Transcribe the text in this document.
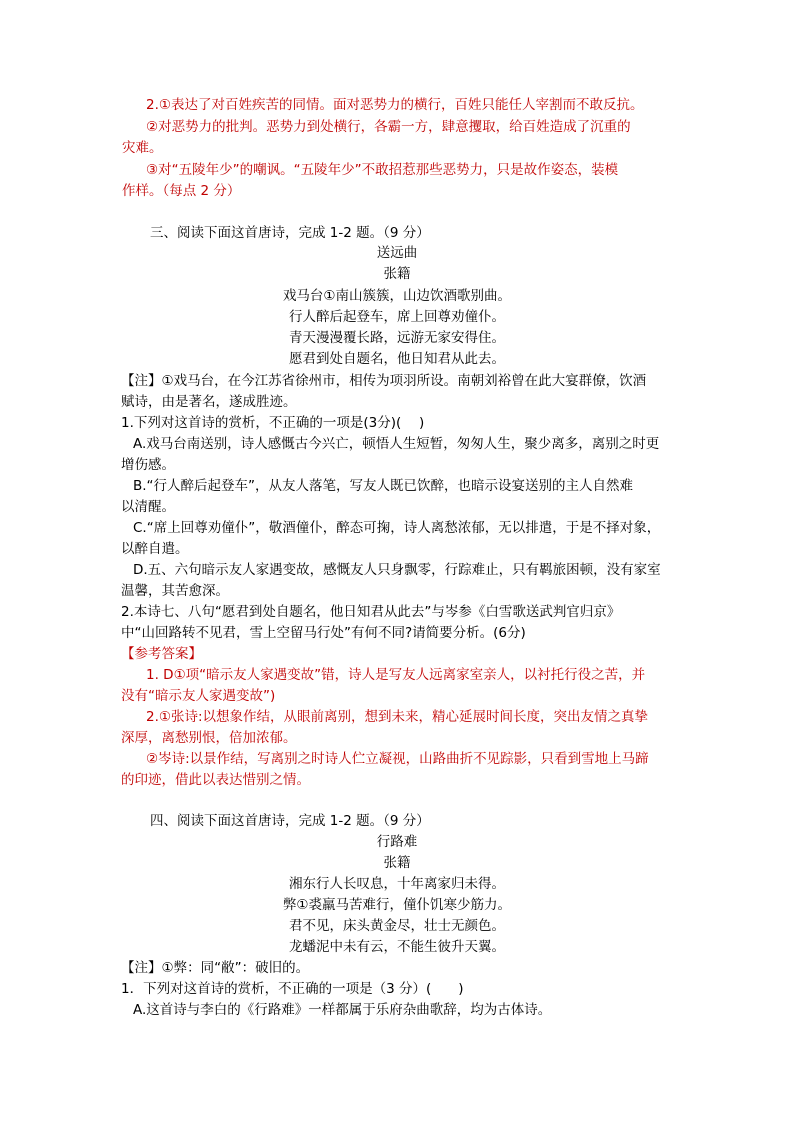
2.①表达了对百姓疾苦的同情。面对恶势力的横行，百姓只能任人宰割而不敢反抗。
②对恶势力的批判。恶势力到处横行，各霸一方，肆意攫取，给百姓造成了沉重的
灾难。
③对“五陵年少”的嘲讽。“五陵年少”不敢招惹那些恶势力，只是故作姿态，装模
作样。（每点 2 分）
三、阅读下面这首唐诗，完成 1-2 题。（9 分）
送远曲
张籍
戏马台①南山簇簇，山边饮酒歌别曲。
行人醉后起登车，席上回尊劝僮仆。
青天漫漫覆长路，远游无家安得住。
愿君到处自题名，他日知君从此去。
【注】①戏马台，在今江苏省徐州市，相传为项羽所设。南朝刘裕曾在此大宴群僚，饮酒
赋诗，由是著名，遂成胜迹。
1.下列对这首诗的赏析，不正确的一项是(3分)(　 )
A.戏马台南送别，诗人感慨古今兴亡，顿悟人生短暂，匆匆人生，聚少离多，离别之时更
增伤感。
B.“行人醉后起登车”，从友人落笔，写友人既已饮醉，也暗示设宴送别的主人自然难
以清醒。
C.“席上回尊劝僮仆”，敬酒僮仆，醉态可掬，诗人离愁浓郁，无以排遣，于是不择对象，
以醉自遣。
D.五、六句暗示友人家遇变故，感慨友人只身飘零，行踪难止，只有羁旅困顿，没有家室
温馨，其苦愈深。
2.本诗七、八句“愿君到处自题名，他日知君从此去”与岑参《白雪歌送武判官归京》
中“山回路转不见君，雪上空留马行处”有何不同?请简要分析。(6分)
【参考答案】
1. D①项“暗示友人家遇变故”错，诗人是写友人远离家室亲人，以衬托行役之苦，并
没有“暗示友人家遇变故”)
2.①张诗:以想象作结，从眼前离别，想到未来，精心延展时间长度，突出友情之真挚
深厚，离愁别恨，倍加浓郁。
②岑诗:以景作结，写离别之时诗人伫立凝视，山路曲折不见踪影，只看到雪地上马蹄
的印迹，借此以表达惜别之情。
四、阅读下面这首唐诗，完成 1-2 题。（9 分）
行路难
张籍
湘东行人长叹息，十年离家归未得。
弊①裘羸马苦难行，僮仆饥寒少筋力。
君不见，床头黄金尽，壮士无颜色。
龙蟠泥中未有云，不能生彼升天翼。
【注】①弊：同“敝”：破旧的。
1．下列对这首诗的赏析，不正确的一项是（3 分）(　　)
A.这首诗与李白的《行路难》一样都属于乐府杂曲歌辞，均为古体诗。
